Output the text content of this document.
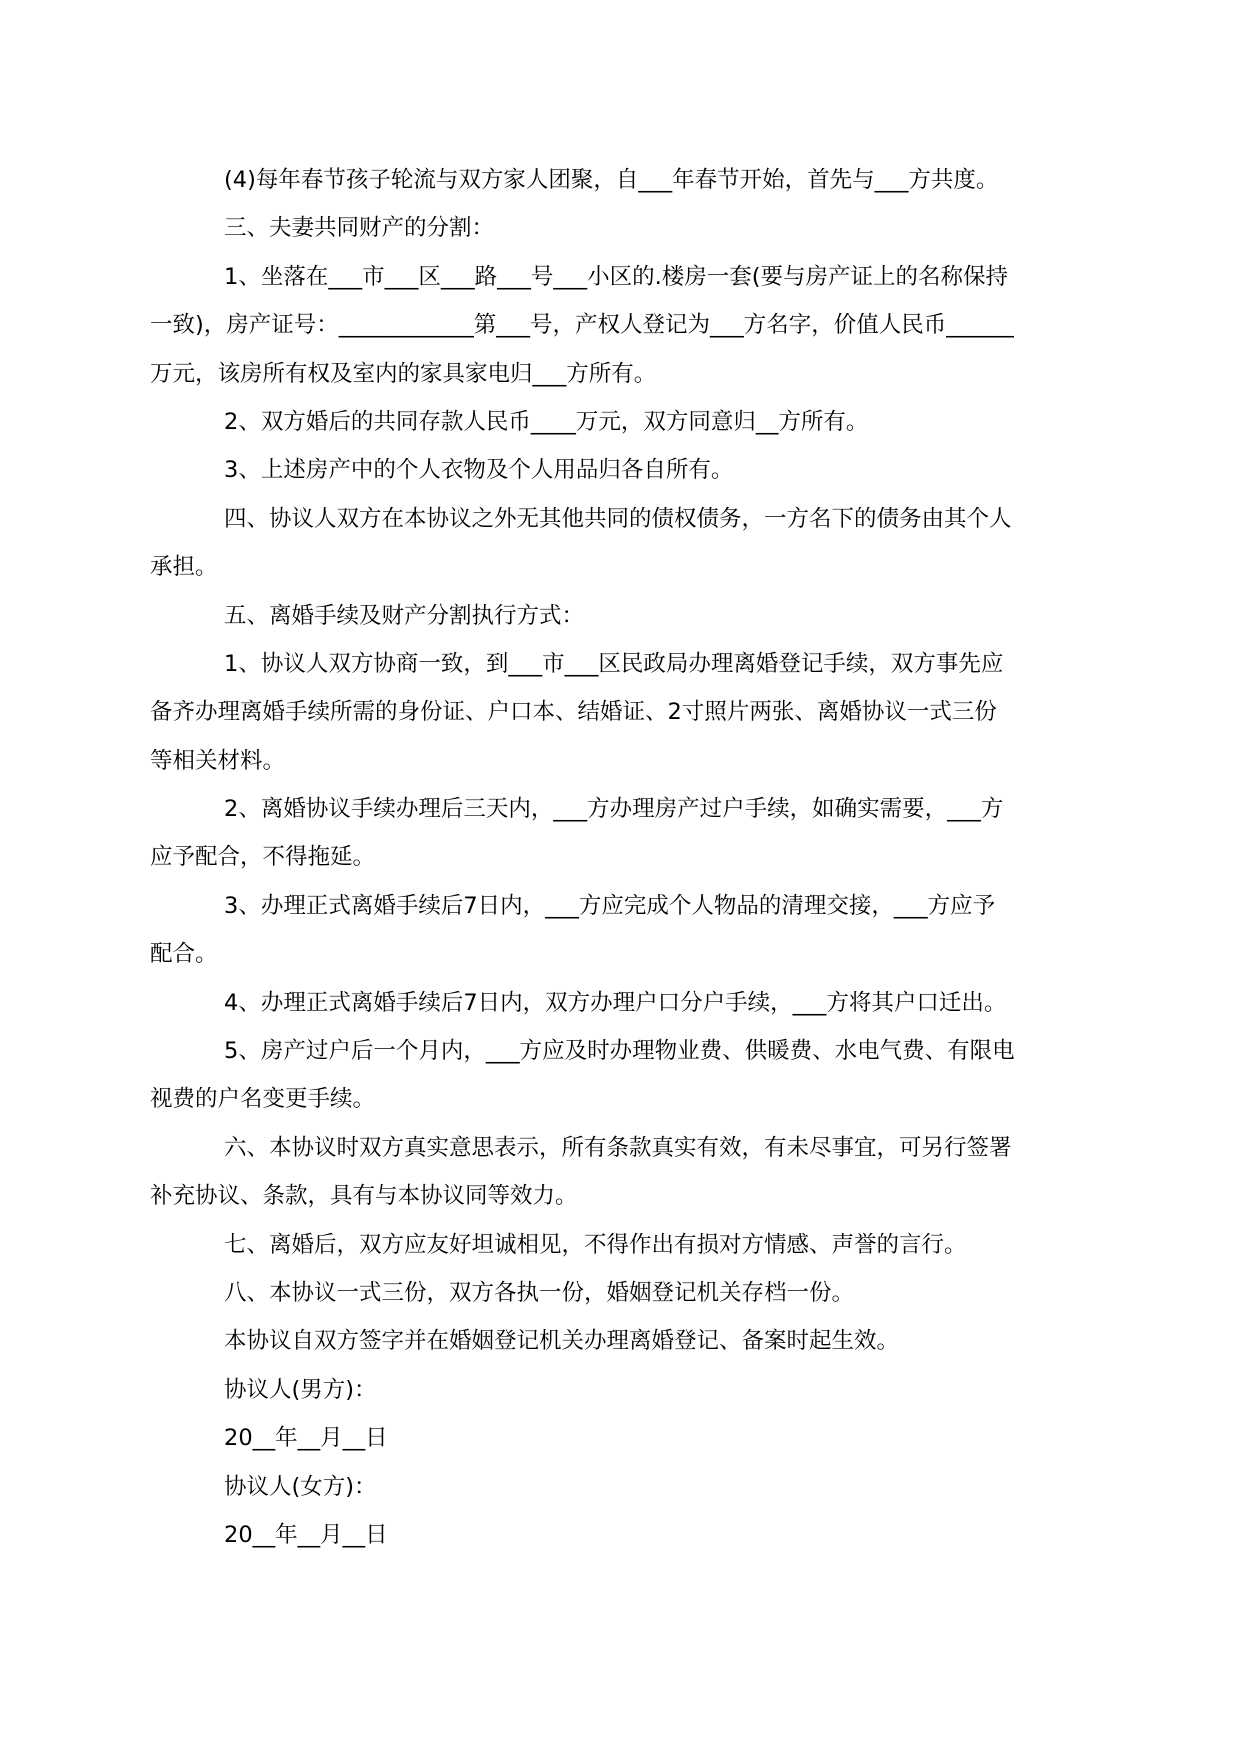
(4)每年春节孩子轮流与双方家人团聚，自___年春节开始，首先与___方共度。

三、夫妻共同财产的分割：

1、坐落在___市___区___路___号___小区的.楼房一套(要与房产证上的名称保持

一致)，房产证号：____________第___号，产权人登记为___方名字，价值人民币______

万元，该房所有权及室内的家具家电归___方所有。

2、双方婚后的共同存款人民币____万元，双方同意归__方所有。

3、上述房产中的个人衣物及个人用品归各自所有。

四、协议人双方在本协议之外无其他共同的债权债务，一方名下的债务由其个人

承担。

五、离婚手续及财产分割执行方式：

1、协议人双方协商一致，到___市___区民政局办理离婚登记手续，双方事先应

备齐办理离婚手续所需的身份证、户口本、结婚证、2寸照片两张、离婚协议一式三份

等相关材料。

2、离婚协议手续办理后三天内，___方办理房产过户手续，如确实需要，___方

应予配合，不得拖延。

3、办理正式离婚手续后7日内，___方应完成个人物品的清理交接，___方应予

配合。

4、办理正式离婚手续后7日内，双方办理户口分户手续，___方将其户口迁出。

5、房产过户后一个月内，___方应及时办理物业费、供暖费、水电气费、有限电

视费的户名变更手续。

六、本协议时双方真实意思表示，所有条款真实有效，有未尽事宜，可另行签署

补充协议、条款，具有与本协议同等效力。

七、离婚后，双方应友好坦诚相见，不得作出有损对方情感、声誉的言行。

八、本协议一式三份，双方各执一份，婚姻登记机关存档一份。

本协议自双方签字并在婚姻登记机关办理离婚登记、备案时起生效。

协议人(男方)：

20__年__月__日

协议人(女方)：

20__年__月__日
